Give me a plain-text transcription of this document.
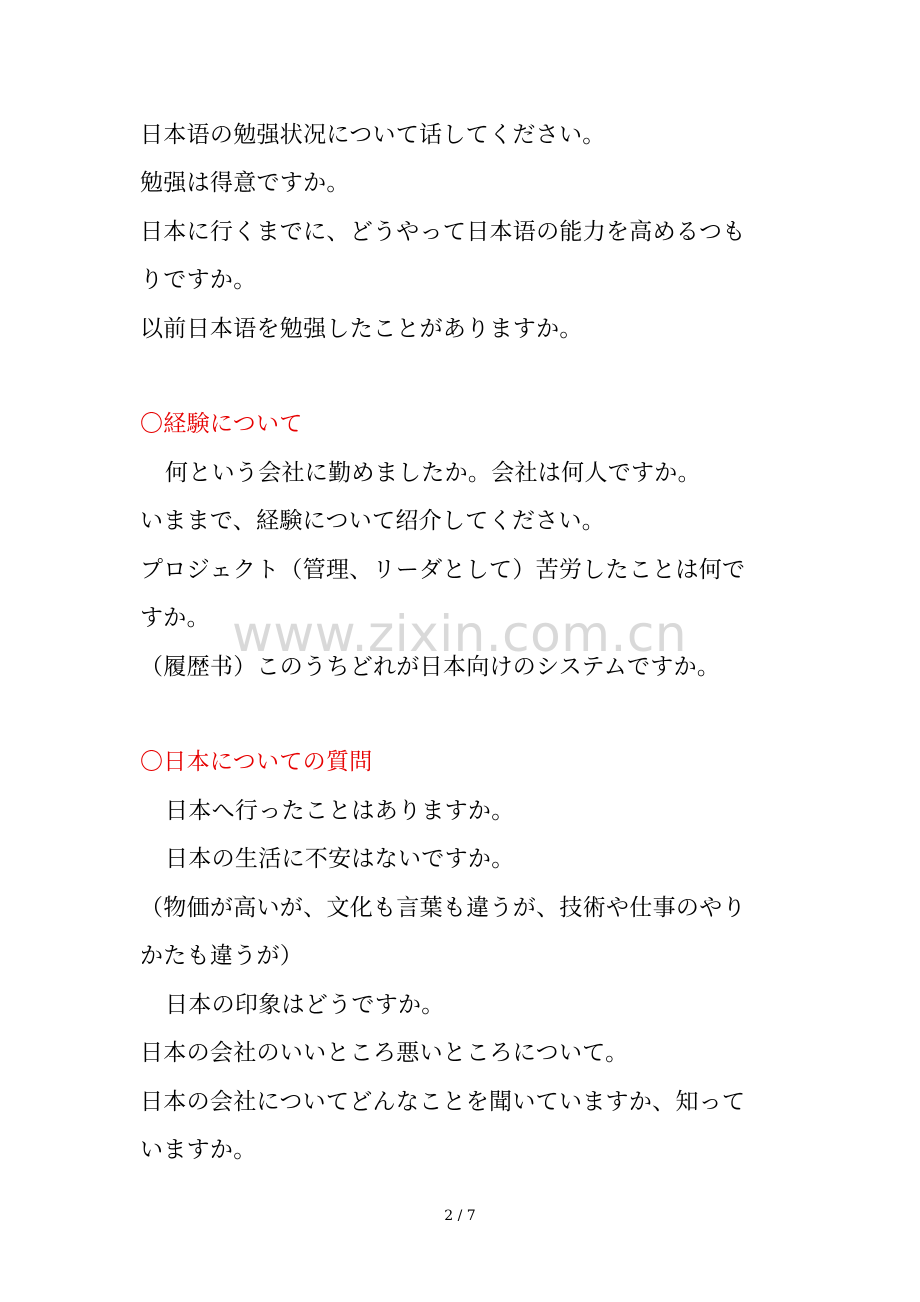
日本语の勉强状况について话してください。
勉强は得意ですか。
日本に行くまでに、どうやって日本语の能力を高めるつも
りですか。
以前日本语を勉强したことがありますか。
〇経験について
何という会社に勤めましたか。会社は何人ですか。
いままで、経験について绍介してください。
プロジェクト（管理、リーダとして）苦労したことは何で
すか。
（履歴书）このうちどれが日本向けのシステムですか。
〇日本についての質問
日本へ行ったことはありますか。
日本の生活に不安はないですか。
（物価が高いが、文化も言葉も違うが、技術や仕事のやり
かたも違うが）
日本の印象はどうですか。
日本の会社のいいところ悪いところについて。
日本の会社についてどんなことを聞いていますか、知って
いますか。
www.zixin.com.cn
2 / 7
